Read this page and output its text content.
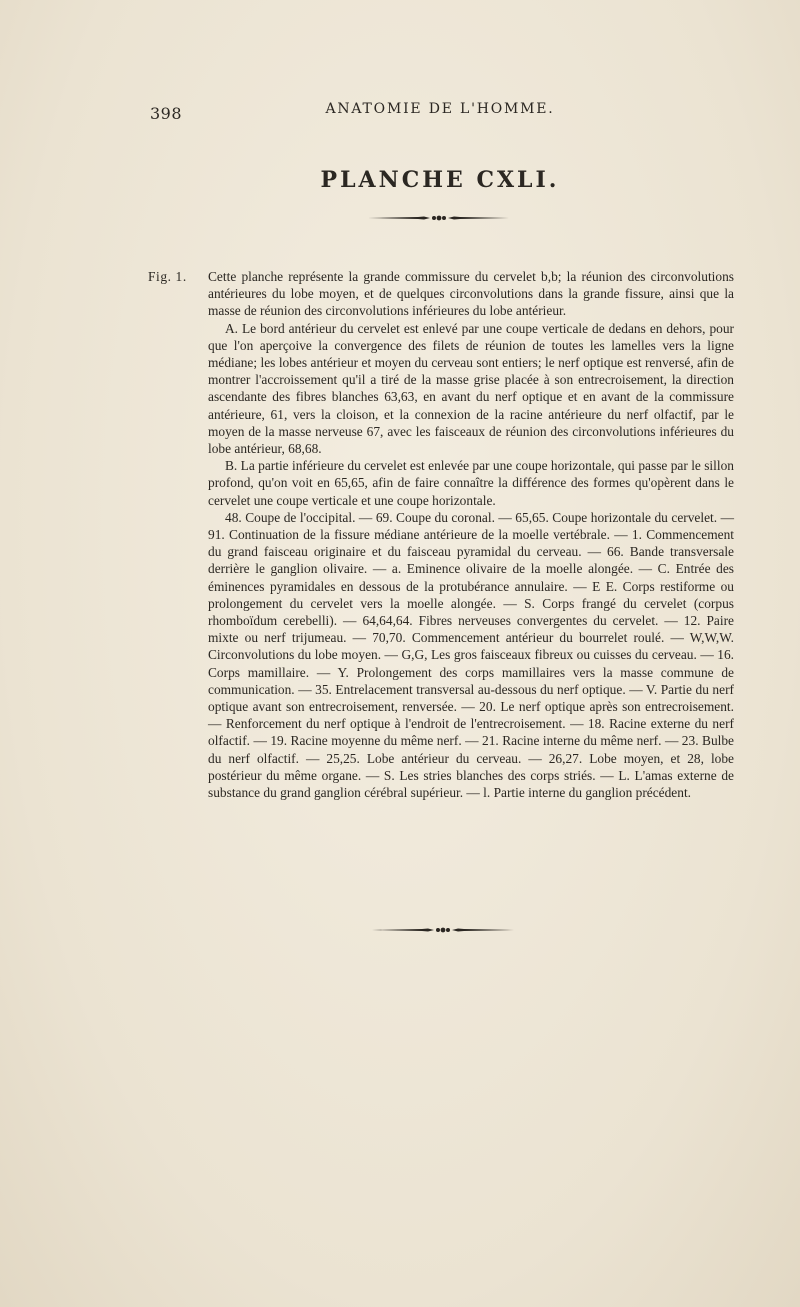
398	ANATOMIE DE L'HOMME.
PLANCHE CXLI.
Fig. 1. Cette planche représente la grande commissure du cervelet b,b; la réunion des circonvolutions antérieures du lobe moyen, et de quelques circonvolutions dans la grande fissure, ainsi que la masse de réunion des circonvolutions inférieures du lobe antérieur.

A. Le bord antérieur du cervelet est enlevé par une coupe verticale de dedans en dehors, pour que l'on aperçoive la convergence des filets de réunion de toutes les lamelles vers la ligne médiane; les lobes antérieur et moyen du cerveau sont entiers; le nerf optique est renversé, afin de montrer l'accroissement qu'il a tiré de la masse grise placée à son entrecroisement, la direction ascendante des fibres blanches 63,63, en avant du nerf optique et en avant de la commissure antérieure, 61, vers la cloison, et la connexion de la racine antérieure du nerf olfactif, par le moyen de la masse nerveuse 67, avec les faisceaux de réunion des circonvolutions inférieures du lobe antérieur, 68,68.

B. La partie inférieure du cervelet est enlevée par une coupe horizontale, qui passe par le sillon profond, qu'on voit en 65,65, afin de faire connaître la différence des formes qu'opèrent dans le cervelet une coupe verticale et une coupe horizontale.

48. Coupe de l'occipital. — 69. Coupe du coronal. — 65,65. Coupe horizontale du cervelet. — 91. Continuation de la fissure médiane antérieure de la moelle vertébrale. — 1. Commencement du grand faisceau originaire et du faisceau pyramidal du cerveau. — 66. Bande transversale derrière le ganglion olivaire. — a. Eminence olivaire de la moelle alongée. — C. Entrée des éminences pyramidales en dessous de la protubérance annulaire. — E E. Corps restiforme ou prolongement du cervelet vers la moelle alongée. — S. Corps frangé du cervelet (corpus rhomboïdum cerebelli). — 64,64,64. Fibres nerveuses convergentes du cervelet. — 12. Paire mixte ou nerf trijumeau. — 70,70. Commencement antérieur du bourrelet roulé. — W,W,W. Circonvolutions du lobe moyen. — G,G, Les gros faisceaux fibreux ou cuisses du cerveau. — 16. Corps mamillaire. — Y. Prolongement des corps mamillaires vers la masse commune de communication. — 35. Entrelacement transversal au-dessous du nerf optique. — V. Partie du nerf optique avant son entrecroisement, renversée. — 20. Le nerf optique après son entrecroisement. — Renforcement du nerf optique à l'endroit de l'entrecroisement. — 18. Racine externe du nerf olfactif. — 19. Racine moyenne du même nerf. — 21. Racine interne du même nerf. — 23. Bulbe du nerf olfactif. — 25,25. Lobe antérieur du cerveau. — 26,27. Lobe moyen, et 28, lobe postérieur du même organe. — S. Les stries blanches des corps striés. — L. L'amas externe de substance du grand ganglion cérébral supérieur. — l. Partie interne du ganglion précédent.
